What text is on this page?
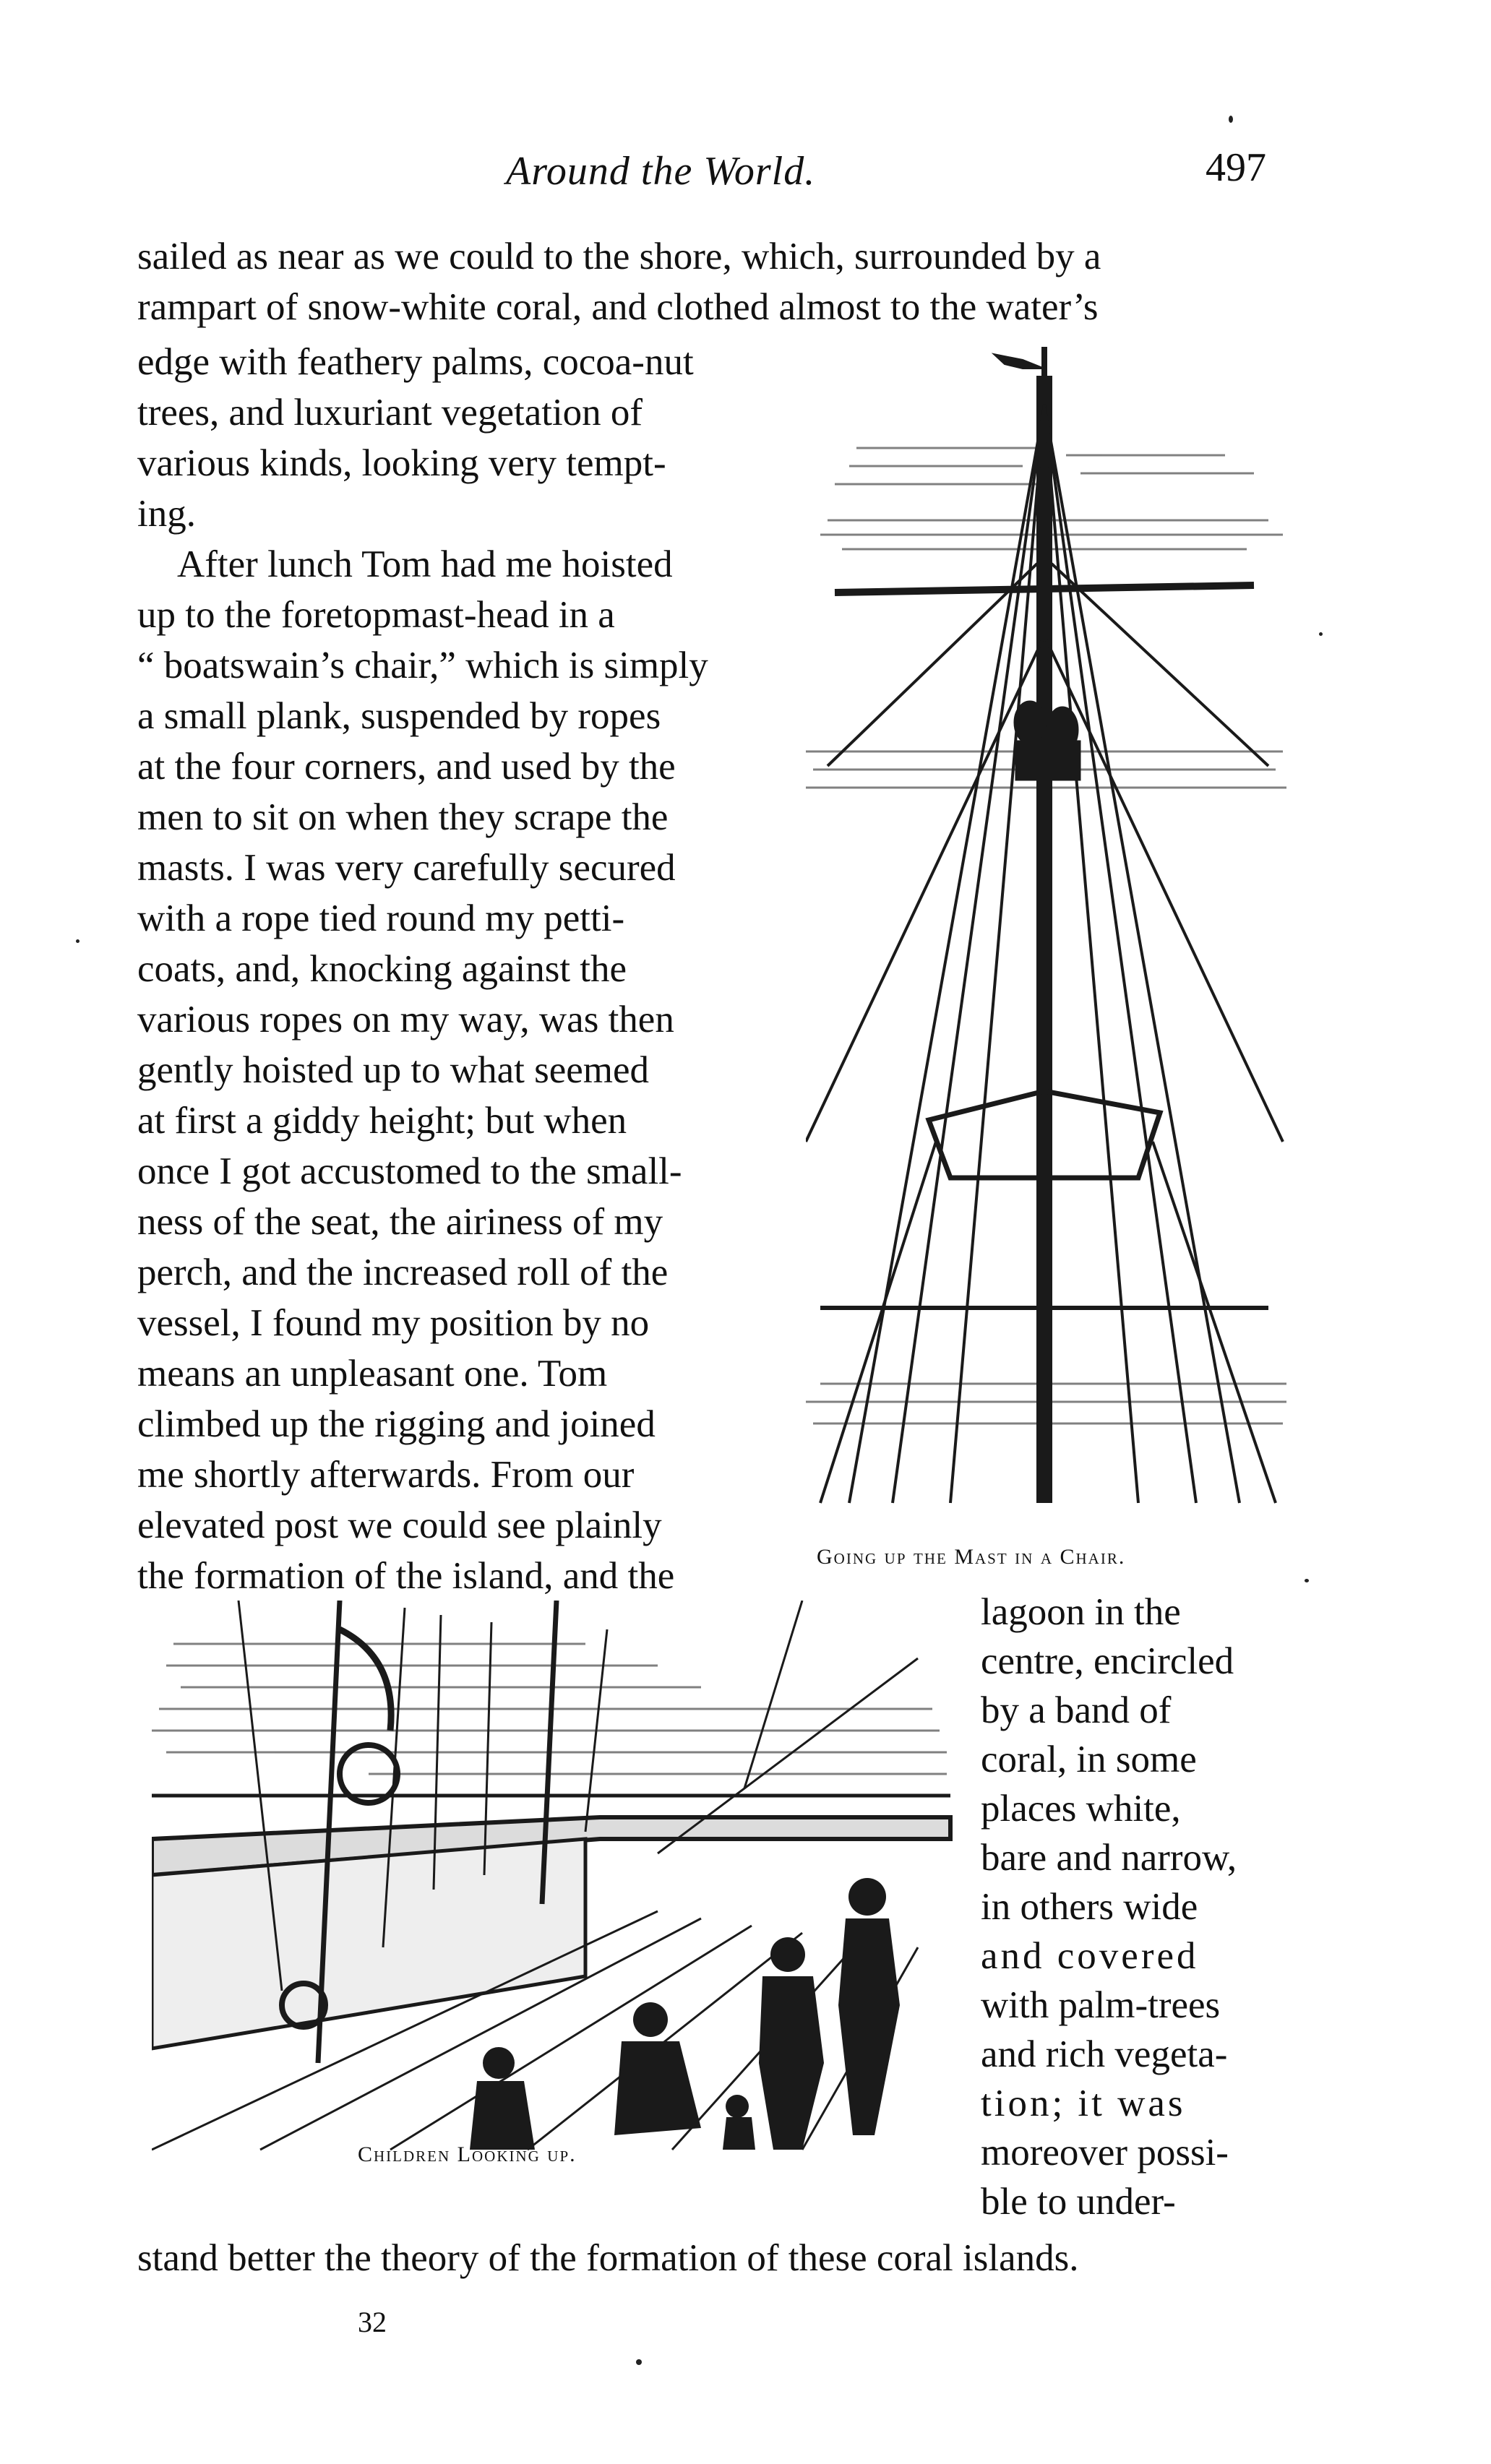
Around the World.	497
sailed as near as we could to the shore, which, surrounded by a
rampart of snow-white coral, and clothed almost to the water’s
edge with feathery palms, cocoa-nut
trees, and luxuriant vegetation of
various kinds, looking very tempt-
ing.
After lunch Tom had me hoisted
up to the foretopmast-head in a
“ boatswain’s chair,” which is simply
a small plank, suspended by ropes
at the four corners, and used by the
men to sit on when they scrape the
masts. I was very carefully secured
with a rope tied round my petti-
coats, and, knocking against the
various ropes on my way, was then
gently hoisted up to what seemed
at first a giddy height; but when
once I got accustomed to the small-
ness of the seat, the airiness of my
perch, and the increased roll of the
vessel, I found my position by no
means an unpleasant one. Tom
climbed up the rigging and joined
me shortly afterwards. From our
elevated post we could see plainly
the formation of the island, and the
lagoon in the
centre, encircled
by a band of
coral, in some
places white,
bare and narrow,
in others wide
and covered
with palm-trees
and rich vegeta-
tion; it was
moreover possi-
ble to under-
stand better the theory of the formation of these coral islands.
Going up the Mast in a Chair.
Children Looking up.
32
